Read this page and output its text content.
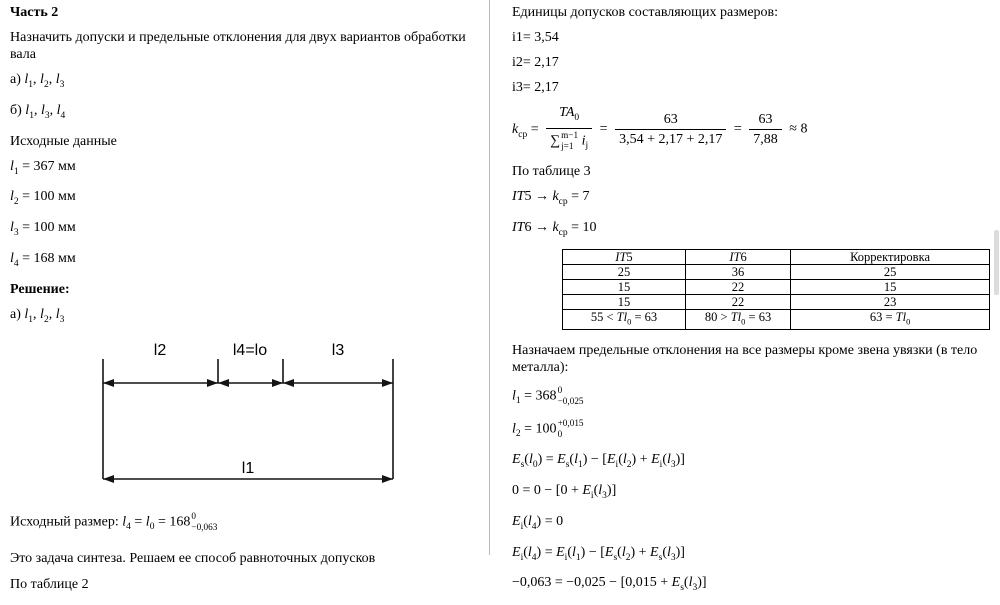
Часть 2

Назначить допуски и предельные отклонения для двух вариантов обработки вала

а) $l_1$, $l_2$, $l_3$

б) $l_1$, $l_3$, $l_4$

Исходные данные

$l_1 = 367$ мм

$l_2 = 100$ мм

$l_3 = 100$ мм

$l_4 = 168$ мм

Решение:

а) $l_1$, $l_2$, $l_3$

l2	l4=lo	l3
l1

Исходный размер: $l_4 = l_0 = 168$ 0
−0,063

Это задача синтеза. Решаем ее способ равноточных допусков

По таблице 2

Единицы допусков составляющих размеров:

i1= 3,54

i2= 2,17

i3= 2,17

$k_{ср} = TA_0$
∑ m−1
j=1 $i_j = \frac{63}{3,54 + 2,17 + 2,17} = \frac{63}{7,88} \approx 8$

По таблице 3

$IT5 \to k_{ср} = 7$

$IT6 \to k_{ср} = 10$

IT5	IT6	Корректировка
25	36	25
15	22	15
15	22	23
$55 < Tl_0 = 63$	$80 > Tl_0 = 63$	$63 = Tl_0$

Назначаем предельные отклонения на все размеры кроме звена увязки (в тело металла):

$l_1 = 368$ 0
−0,025

$l_2 = 100 +0,015$
0

$E_s(l_0) = E_s(l_1) - [E_i(l_2) + E_i(l_3)]$

$0 = 0 - [0 + E_i(l_3)]$

$E_i(l_4) = 0$

$E_i(l_4) = E_i(l_1) - [E_s(l_2) + E_s(l_3)]$

$-0,063 = -0,025 - [0,015 + E_s(l_3)]$
